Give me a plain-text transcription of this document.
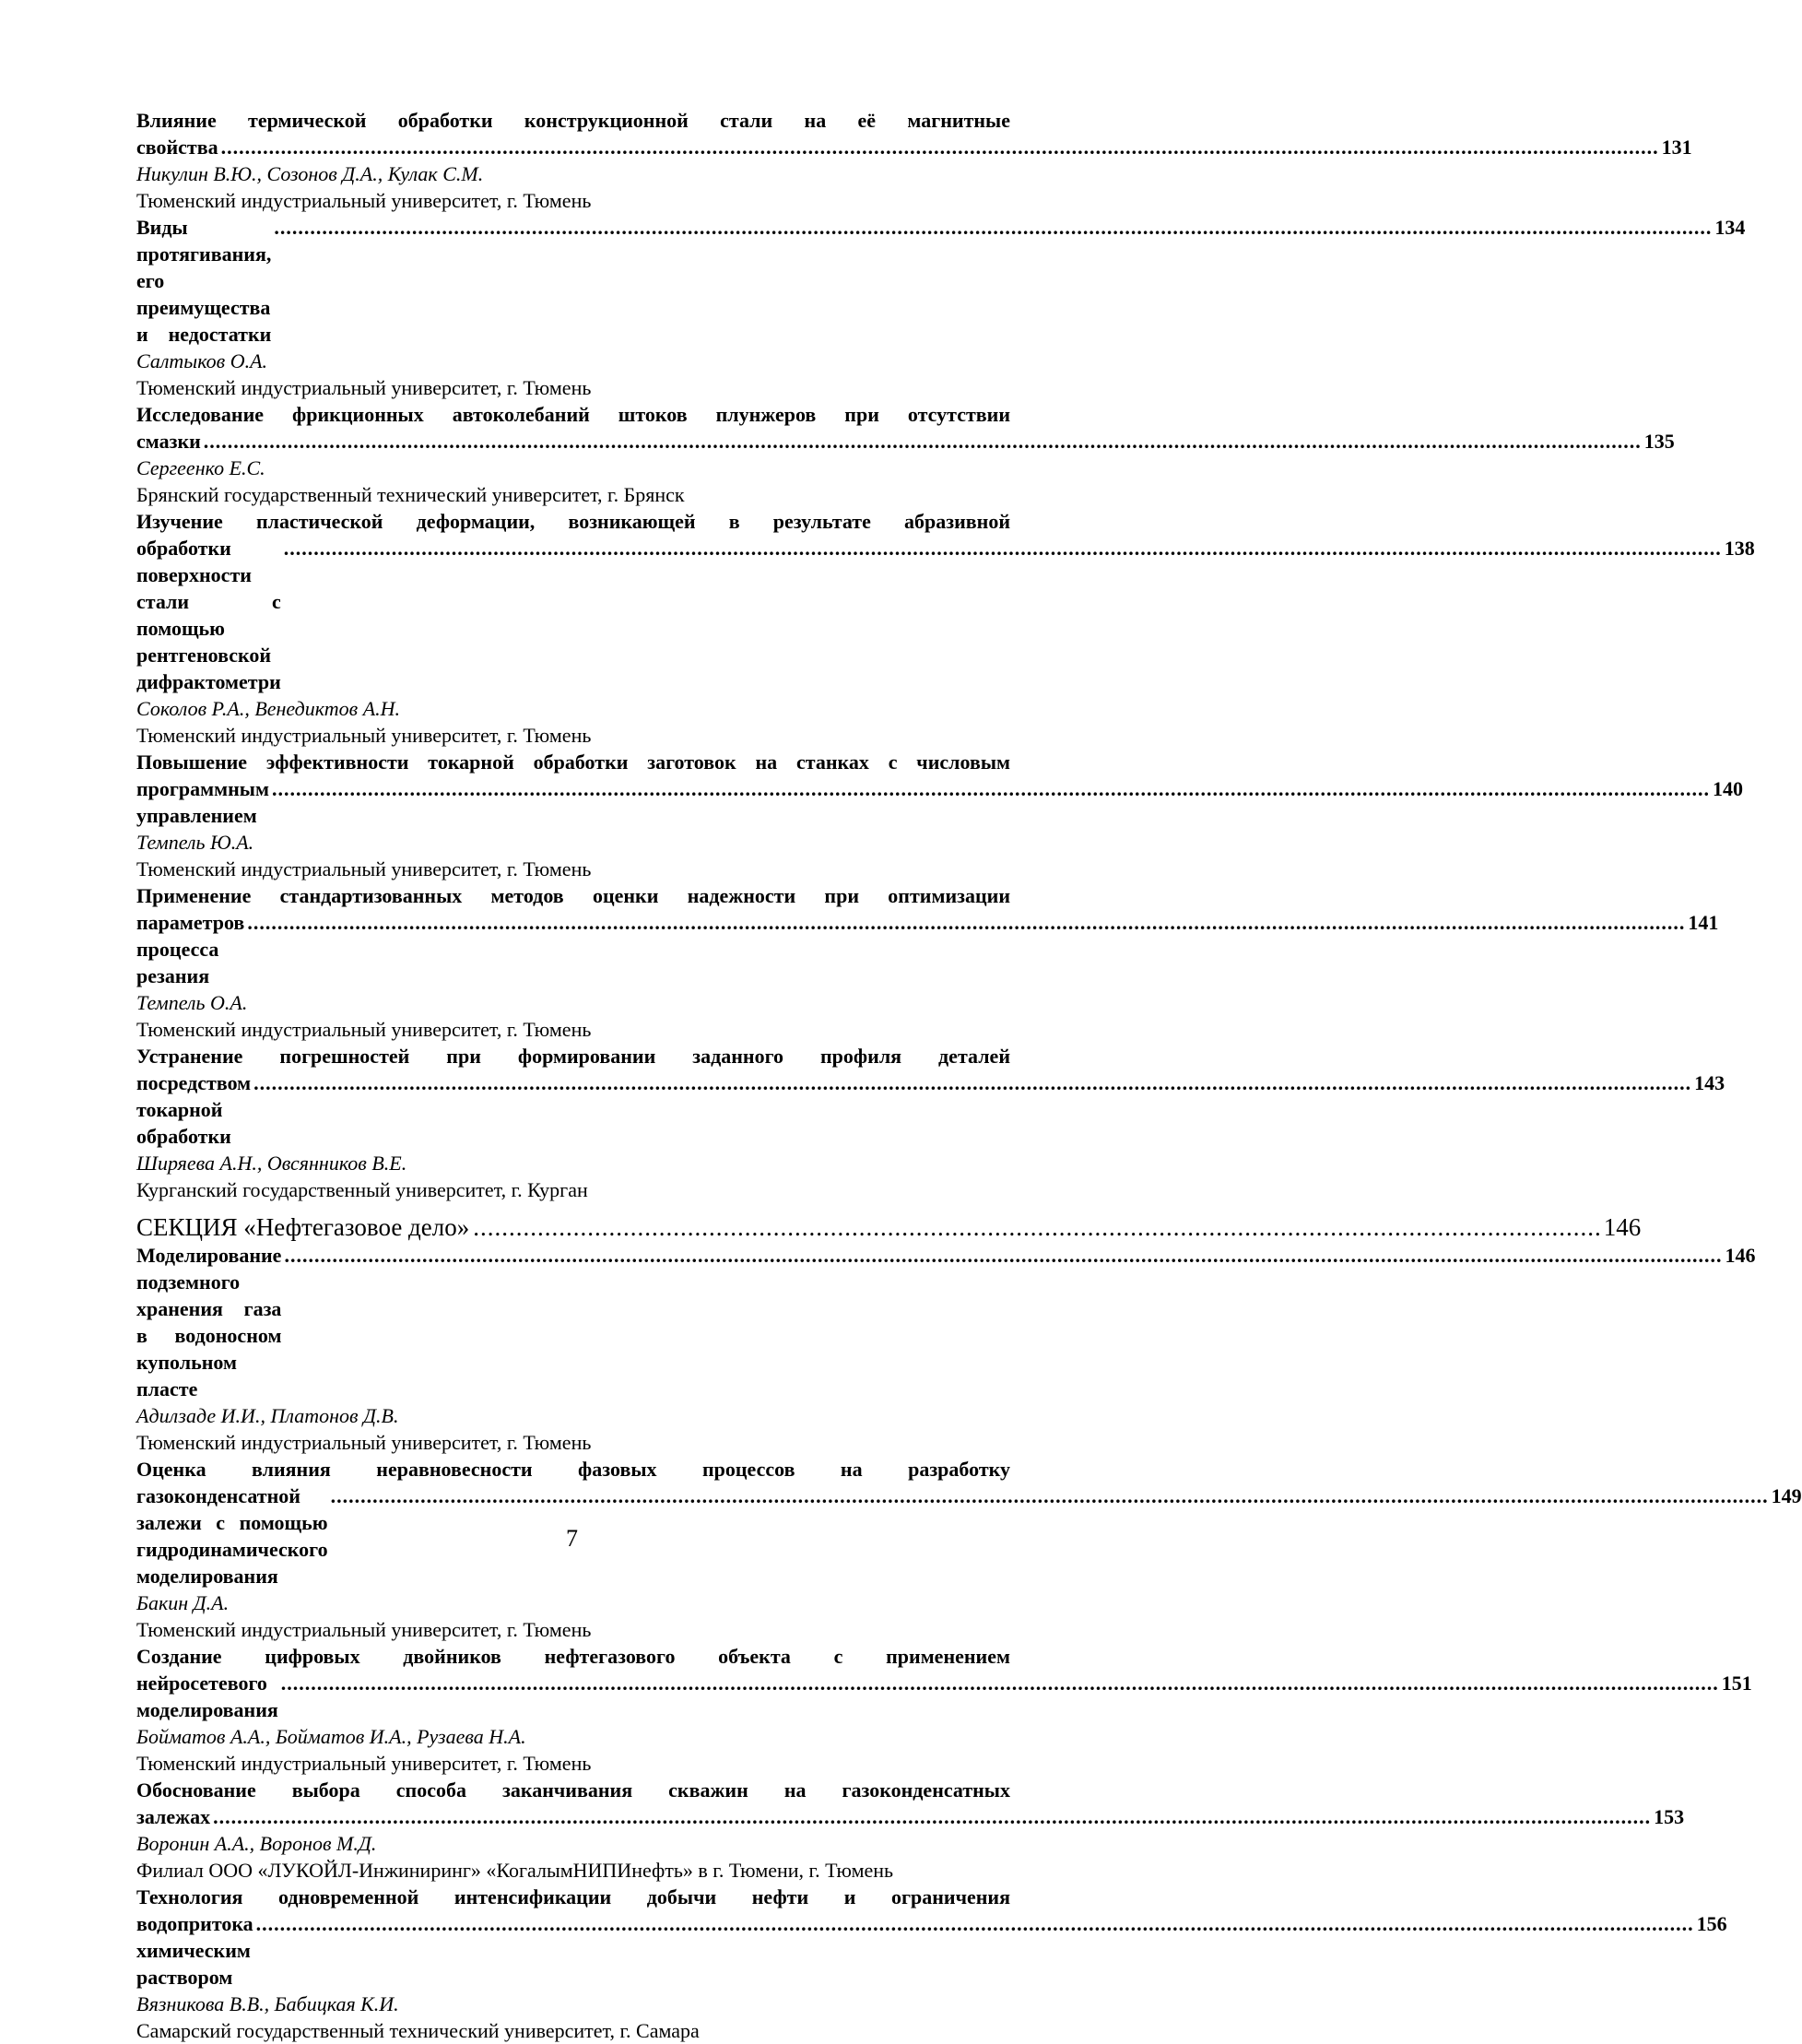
Влияние термической обработки конструкционной стали на её магнитные
свойства ................................................................................................................................................................................................................................................ 131
Никулин В.Ю., Созонов Д.А., Кулак С.М.
Тюменский индустриальный университет, г. Тюмень
Виды протягивания, его преимущества и недостатки
................................................................................................................................................................................................................................................ 134
Салтыков О.А.
Тюменский индустриальный университет, г. Тюмень
Исследование фрикционных автоколебаний штоков плунжеров при отсутствии
смазки ................................................................................................................................................................................................................................................ 135
Сергеенко Е.С.
Брянский государственный технический университет, г. Брянск
Изучение пластической деформации, возникающей в результате абразивной
обработки поверхности стали с помощью рентгеновской дифрактометри
................................................................................................................................................................................................................................................ 138
Соколов Р.А., Венедиктов А.Н.
Тюменский индустриальный университет, г. Тюмень
Повышение эффективности токарной обработки заготовок на станках с числовым
программным управлением
................................................................................................................................................................................................................................................ 140
Темпель Ю.А.
Тюменский индустриальный университет, г. Тюмень
Применение стандартизованных методов оценки надежности при оптимизации
параметров процесса резания
................................................................................................................................................................................................................................................ 141
Темпель О.А.
Тюменский индустриальный университет, г. Тюмень
Устранение погрешностей при формировании заданного профиля деталей
посредством токарной обработки
................................................................................................................................................................................................................................................ 143
Ширяева А.Н., Овсянников В.Е.
Курганский государственный университет, г. Курган
СЕКЦИЯ «Нефтегазовое дело» .............................................................................................................................................................. 146
Моделирование подземного хранения газа в водоносном купольном пласте
................................................................................................................................................................................................................................................ 146
Адилзаде И.И., Платонов Д.В.
Тюменский индустриальный университет, г. Тюмень
Оценка влияния неравновесности фазовых процессов на разработку
газоконденсатной залежи с помощью гидродинамического моделирования
................................................................................................................................................................................................................................................ 149
Бакин Д.А.
Тюменский индустриальный университет, г. Тюмень
Создание цифровых двойников нефтегазового объекта с применением
нейросетевого моделирования
................................................................................................................................................................................................................................................ 151
Бойматов А.А., Бойматов И.А., Рузаева Н.А.
Тюменский индустриальный университет, г. Тюмень
Обоснование выбора способа заканчивания скважин на газоконденсатных
залежах ................................................................................................................................................................................................................................................ 153
Воронин А.А., Воронов М.Д.
Филиал ООО «ЛУКОЙЛ-Инжиниринг» «КогалымНИПИнефть» в г. Тюмени, г. Тюмень
Технология одновременной интенсификации добычи нефти и ограничения
водопритока химическим раствором
................................................................................................................................................................................................................................................ 156
Вязникова В.В., Бабицкая К.И.
Самарский государственный технический университет, г. Самара
7
